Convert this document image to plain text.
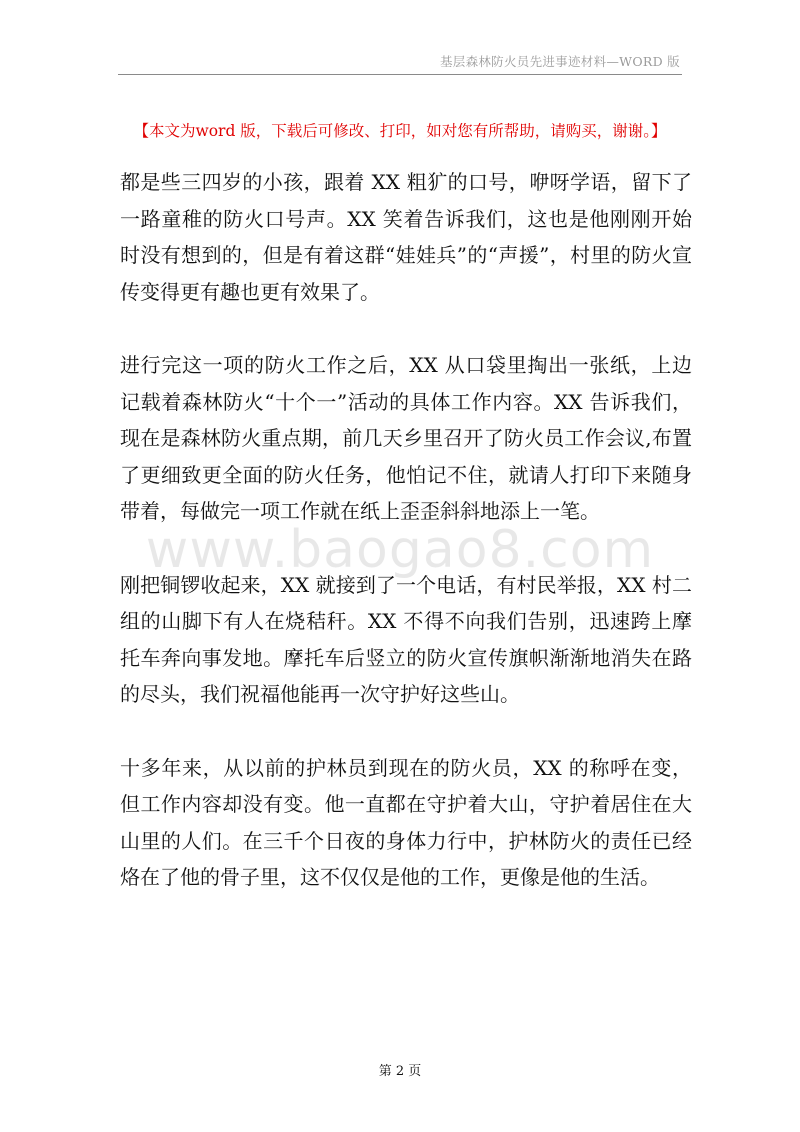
基层森林防火员先进事迹材料—WORD 版
【本文为word 版，下载后可修改、打印，如对您有所帮助，请购买，谢谢。】

都是些三四岁的小孩，跟着 XX 粗犷的口号，咿呀学语，留下了一路童稚的防火口号声。XX 笑着告诉我们，这也是他刚刚开始时没有想到的，但是有着这群“娃娃兵”的“声援”，村里的防火宣传变得更有趣也更有效果了。

进行完这一项的防火工作之后，XX 从口袋里掏出一张纸，上边记载着森林防火“十个一”活动的具体工作内容。XX 告诉我们，现在是森林防火重点期，前几天乡里召开了防火员工作会议,布置了更细致更全面的防火任务，他怕记不住，就请人打印下来随身带着，每做完一项工作就在纸上歪歪斜斜地添上一笔。

刚把铜锣收起来，XX 就接到了一个电话，有村民举报，XX 村二组的山脚下有人在烧秸秆。XX 不得不向我们告别，迅速跨上摩托车奔向事发地。摩托车后竖立的防火宣传旗帜渐渐地消失在路的尽头，我们祝福他能再一次守护好这些山。

十多年来，从以前的护林员到现在的防火员，XX 的称呼在变，但工作内容却没有变。他一直都在守护着大山，守护着居住在大山里的人们。在三千个日夜的身体力行中，护林防火的责任已经烙在了他的骨子里，这不仅仅是他的工作，更像是他的生活。

www.baogao8.com
第 2 页
